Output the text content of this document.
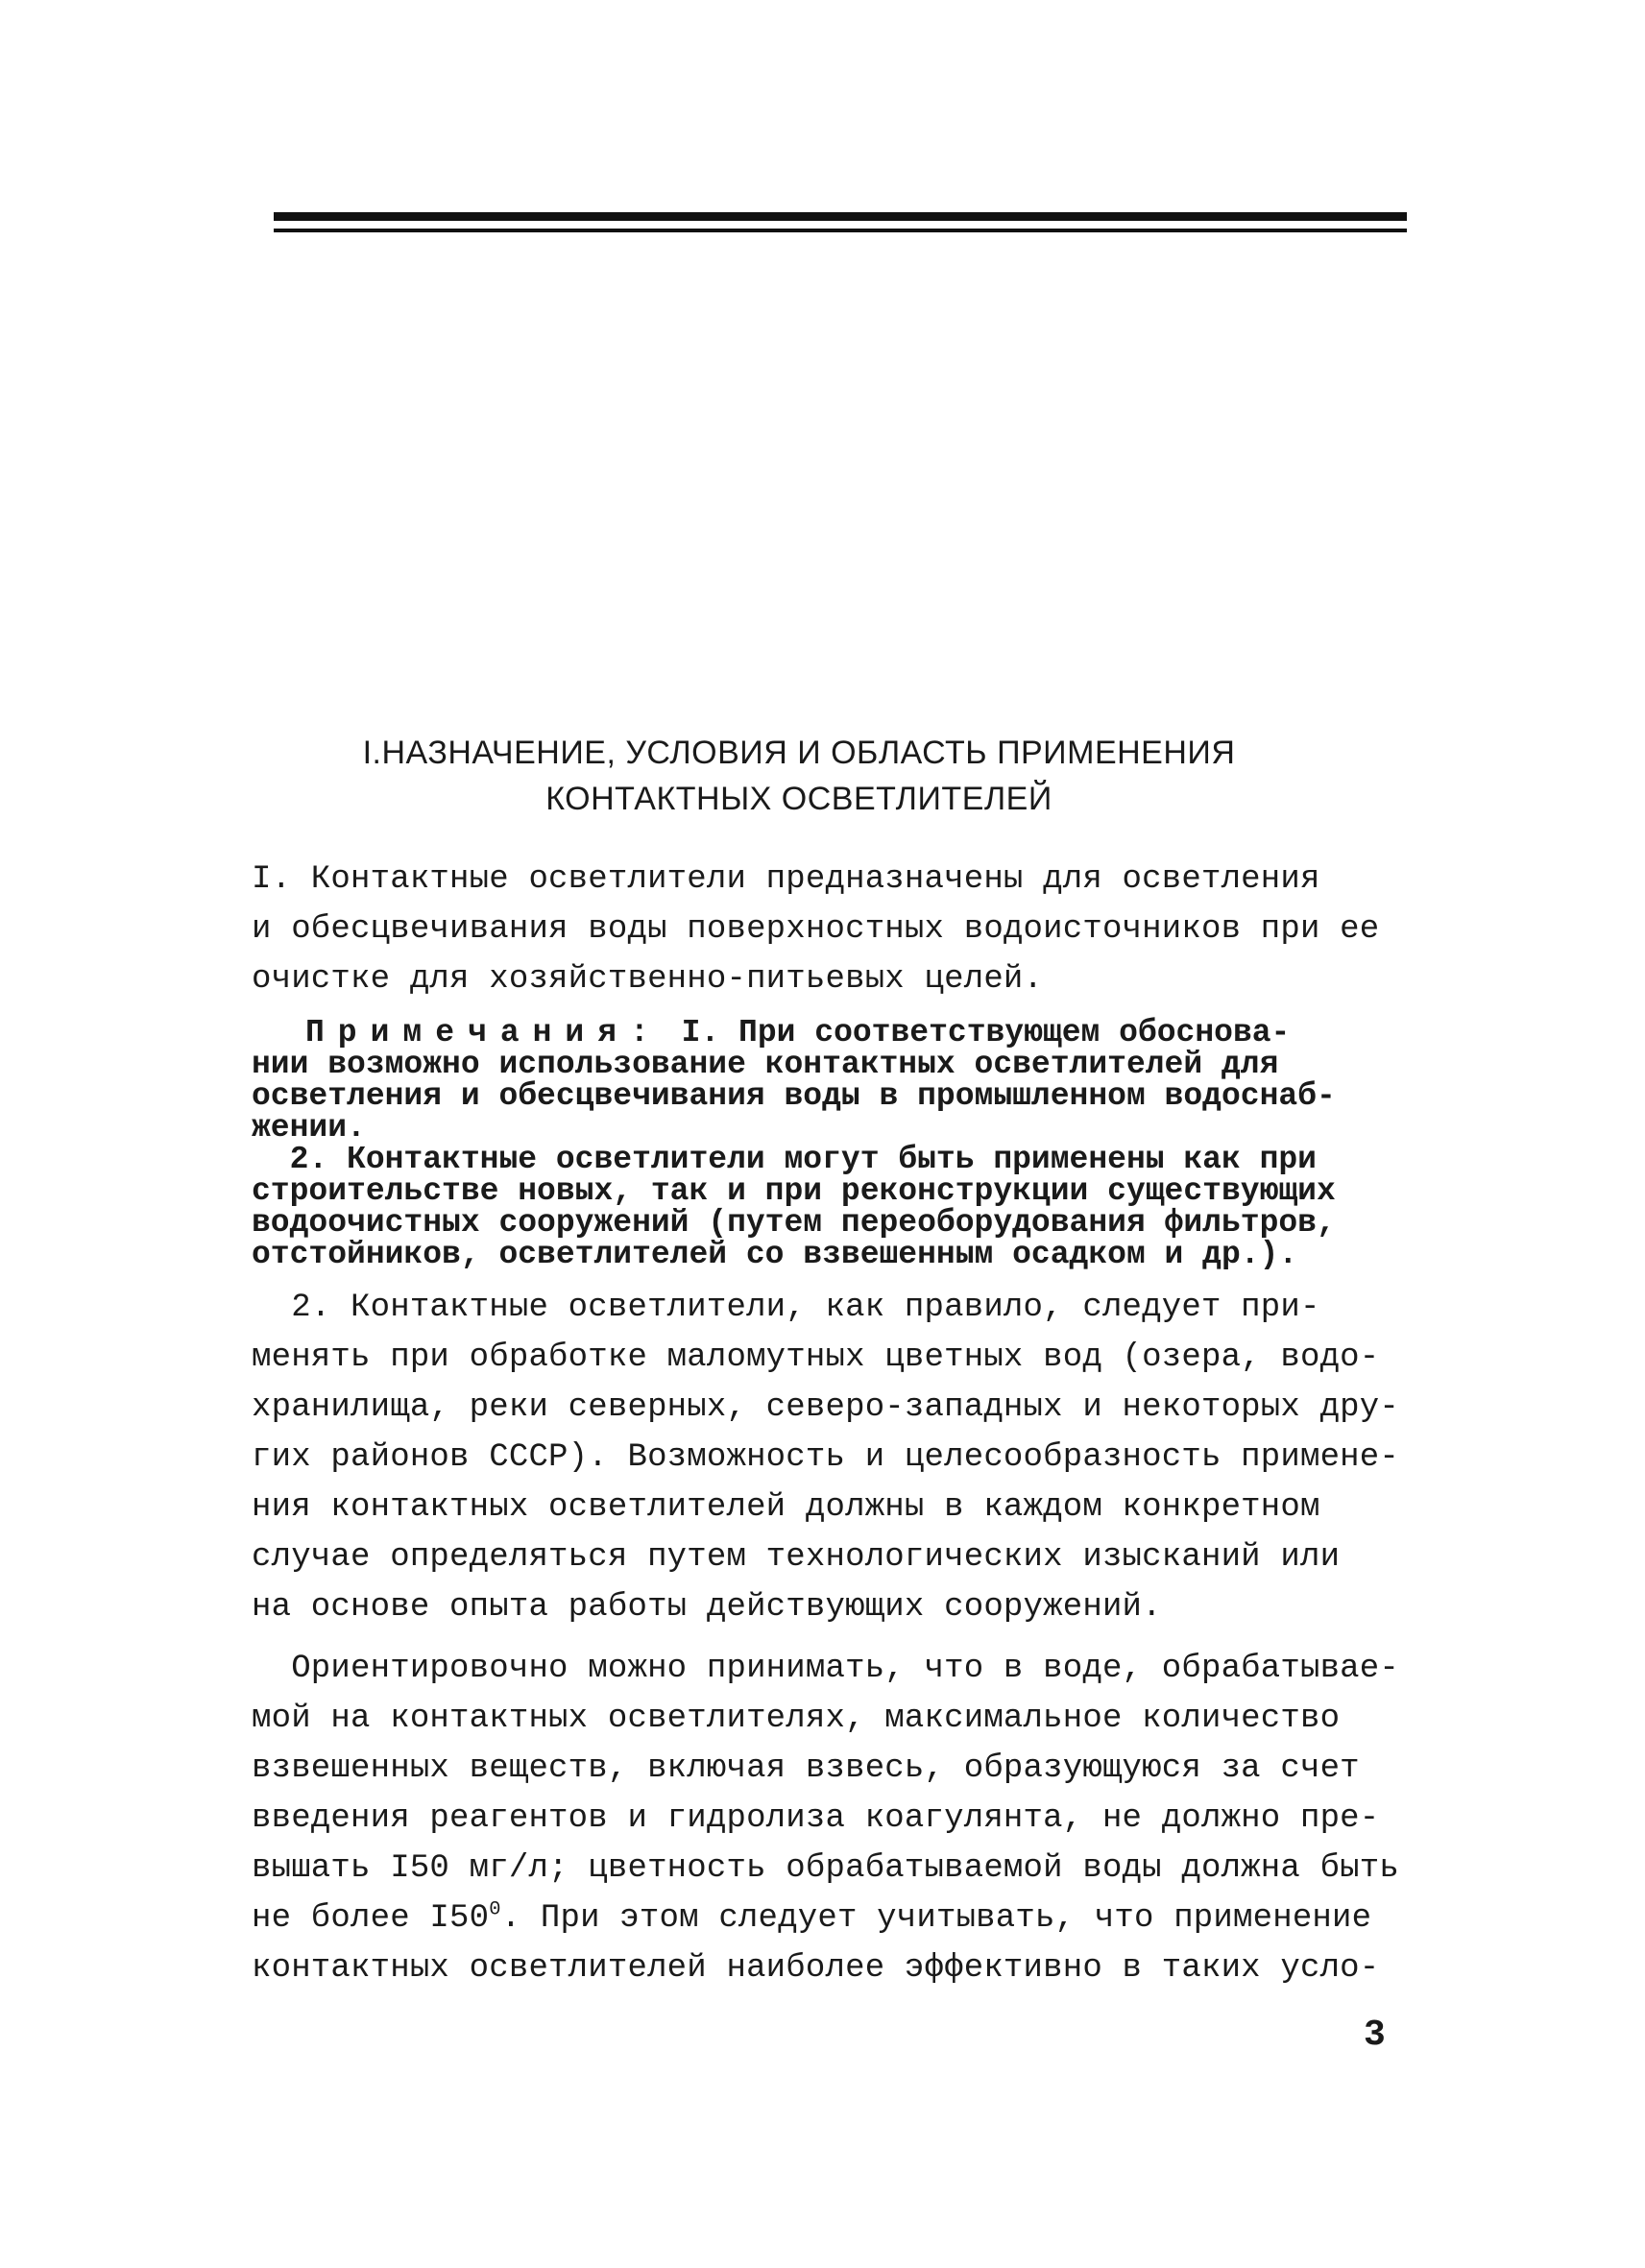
I.НАЗНАЧЕНИЕ, УСЛОВИЯ И ОБЛАСТЬ ПРИМЕНЕНИЯ
КОНТАКТНЫХ ОСВЕТЛИТЕЛЕЙ
I. Контактные осветлители предназначены для осветления
и обесцвечивания воды поверхностных водоисточников при ее
очистке для хозяйственно-питьевых целей.
Примечания: I. При соответствующем обоснова-
нии возможно использование контактных осветлителей для
осветления и обесцвечивания воды в промышленном водоснаб-
жении.
2. Контактные осветлители могут быть применены как при
строительстве новых, так и при реконструкции существующих
водоочистных сооружений (путем переоборудования фильтров,
отстойников, осветлителей со взвешенным осадком и др.).
2. Контактные осветлители, как правило, следует при-
менять при обработке маломутных цветных вод (озера, водо-
хранилища, реки северных, северо-западных и некоторых дру-
гих районов СССР). Возможность и целесообразность примене-
ния контактных осветлителей должны в каждом конкретном
случае определяться путем технологических изысканий или
на основе опыта работы действующих сооружений.
Ориентировочно можно принимать, что в воде, обрабатывае-
мой на контактных осветлителях, максимальное количество
взвешенных веществ, включая взвесь, образующуюся за счет
введения реагентов и гидролиза коагулянта, не должно пре-
вышать I50 мг/л; цветность обрабатываемой воды должна быть
не более $I50^0$. При этом следует учитывать, что применение
контактных осветлителей наиболее эффективно в таких усло-
3
